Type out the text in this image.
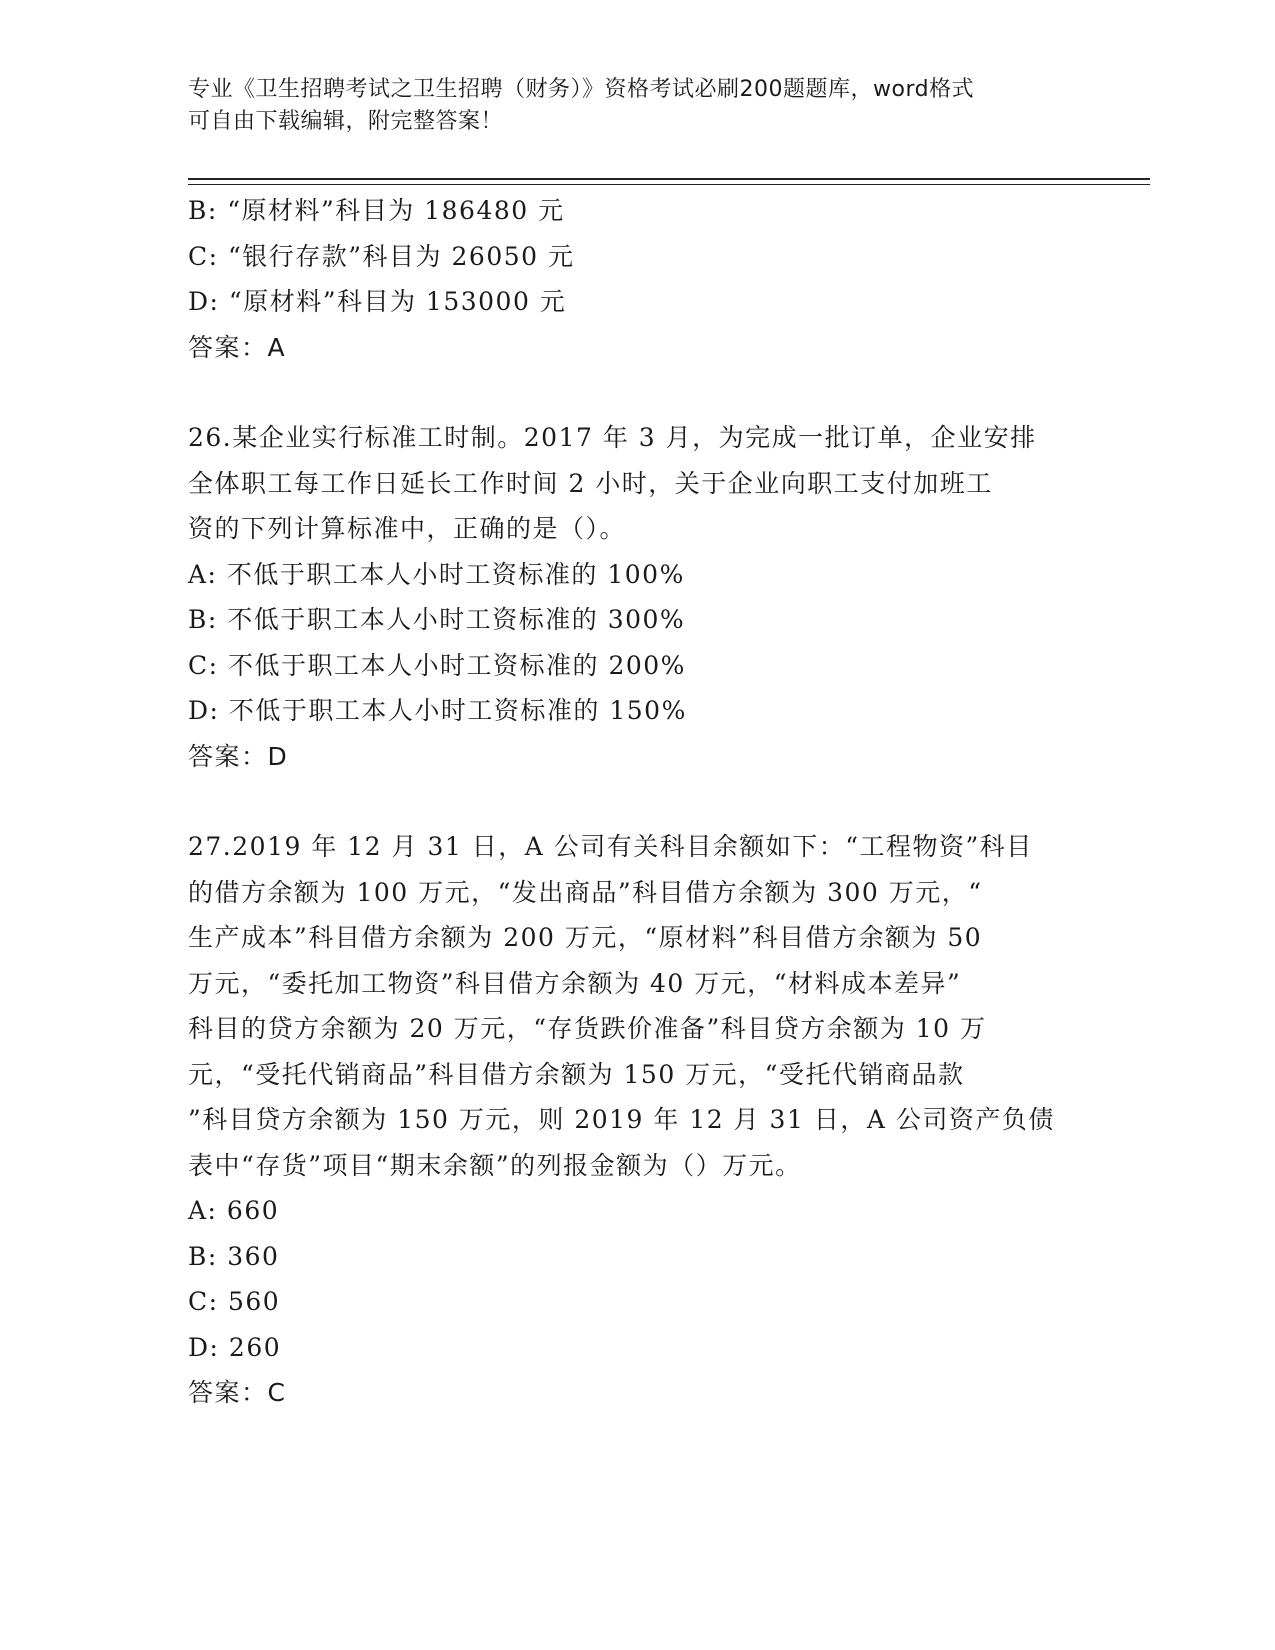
专业《卫生招聘考试之卫生招聘（财务）》资格考试必刷200题题库，word格式
可自由下载编辑，附完整答案！
B: “原材料”科目为 186480 元
C: “银行存款”科目为 26050 元
D: “原材料”科目为 153000 元
答案：A
26.某企业实行标准工时制。2017 年 3 月，为完成一批订单，企业安排
全体职工每工作日延长工作时间 2 小时，关于企业向职工支付加班工
资的下列计算标准中，正确的是（）。
A: 不低于职工本人小时工资标准的 100%
B: 不低于职工本人小时工资标准的 300%
C: 不低于职工本人小时工资标准的 200%
D: 不低于职工本人小时工资标准的 150%
答案：D
27.2019 年 12 月 31 日，A 公司有关科目余额如下：“工程物资”科目
的借方余额为 100 万元，“发出商品”科目借方余额为 300 万元，“
生产成本”科目借方余额为 200 万元，“原材料”科目借方余额为 50
万元，“委托加工物资”科目借方余额为 40 万元，“材料成本差异”
科目的贷方余额为 20 万元，“存货跌价准备”科目贷方余额为 10 万
元，“受托代销商品”科目借方余额为 150 万元，“受托代销商品款
”科目贷方余额为 150 万元，则 2019 年 12 月 31 日，A 公司资产负债
表中“存货”项目“期末余额”的列报金额为（）万元。
A: 660
B: 360
C: 560
D: 260
答案：C
